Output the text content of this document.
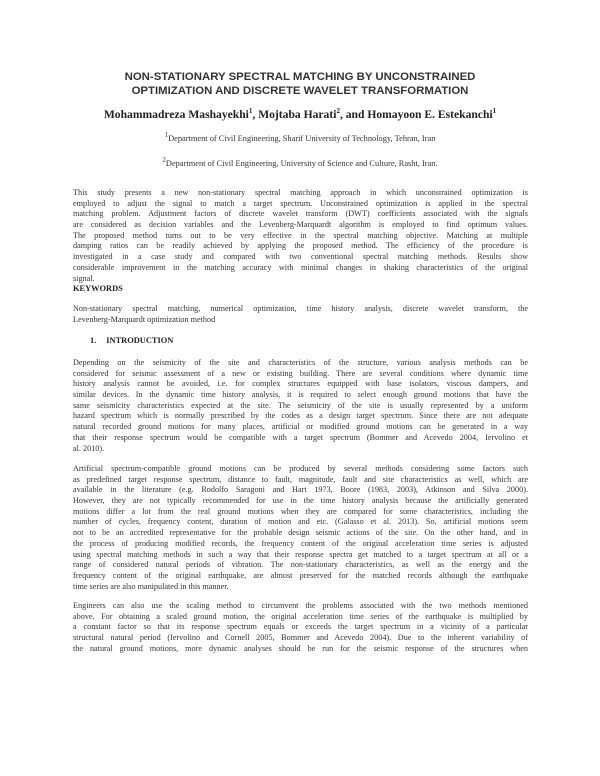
NON-STATIONARY SPECTRAL MATCHING BY UNCONSTRAINED
OPTIMIZATION AND DISCRETE WAVELET TRANSFORMATION
Mohammadreza Mashayekhi$^1$, Mojtaba Harati$^2$, and Homayoon E. Estekanchi$^1$
$^1$Department of Civil Engineering, Sharif University of Technology, Tehran, Iran
$^2$Department of Civil Engineering, University of Science and Culture, Rasht, Iran.
This study presents a new non-stationary spectral matching approach in which unconstrained optimization is
employed to adjust the signal to match a target spectrum. Unconstrained optimization is applied in the spectral
matching problem. Adjustment factors of discrete wavelet transform (DWT) coefficients associated with the signals
are considered as decision variables and the Levenberg-Marquardt algorithm is employed to find optimum values.
The proposed method turns out to be very effective in the spectral matching objective. Matching at multiple
damping ratios can be readily achieved by applying the proposed method. The efficiency of the procedure is
investigated in a case study and compared with two conventional spectral matching methods. Results show
considerable improvement in the matching accuracy with minimal changes in shaking characteristics of the original
signal.
KEYWORDS
Non-stationary spectral matching, numerical optimization, time history analysis, discrete wavelet transform, the
Levenberg-Marquardt optimization method
1. INTRODUCTION
Depending on the seismicity of the site and characteristics of the structure, various analysis methods can be
considered for seismic assessment of a new or existing building. There are several conditions where dynamic time
history analysis cannot be avoided, i.e. for complex structures equipped with base isolators, viscous dampers, and
similar devices. In the dynamic time history analysis, it is required to select enough ground motions that have the
same seismicity characteristics expected at the site. The seismicity of the site is usually represented by a uniform
hazard spectrum which is normally prescribed by the codes as a design target spectrum. Since there are not adequate
natural recorded ground motions for many places, artificial or modified ground motions can be generated in a way
that their response spectrum would be compatible with a target spectrum (Bommer and Acevedo 2004, Iervolino et
al. 2010).
Artificial spectrum-compatible ground motions can be produced by several methods considering some factors such
as predefined target response spectrum, distance to fault, magnitude, fault and site characteristics as well, which are
available in the literature (e.g. Rodolfo Saragoni and Hart 1973, Boore (1983, 2003), Atkinson and Silva 2000).
However, they are not typically recommended for use in the time history analysis because the artificially generated
motions differ a lot from the real ground motions when they are compared for some characteristics, including the
number of cycles, frequency content, duration of motion and etc. (Galasso et al. 2013). So, artificial motions seem
not to be an accredited representative for the probable design seismic actions of the site. On the other hand, and in
the process of producing modified records, the frequency content of the original acceleration time series is adjusted
using spectral matching methods in such a way that their response spectra get matched to a target spectrum at all or a
range of considered natural periods of vibration. The non-stationary characteristics, as well as the energy and the
frequency content of the original earthquake, are almost preserved for the matched records although the earthquake
time series are also manipulated in this manner.
Engineers can also use the scaling method to circumvent the problems associated with the two methods mentioned
above. For obtaining a scaled ground motion, the original acceleration time series of the earthquake is multiplied by
a constant factor so that its response spectrum equals or exceeds the target spectrum in a vicinity of a particular
structural natural period (Iervolino and Cornell 2005, Bommer and Acevedo 2004). Due to the inherent variability of
the natural ground motions, more dynamic analyses should be run for the seismic response of the structures when
